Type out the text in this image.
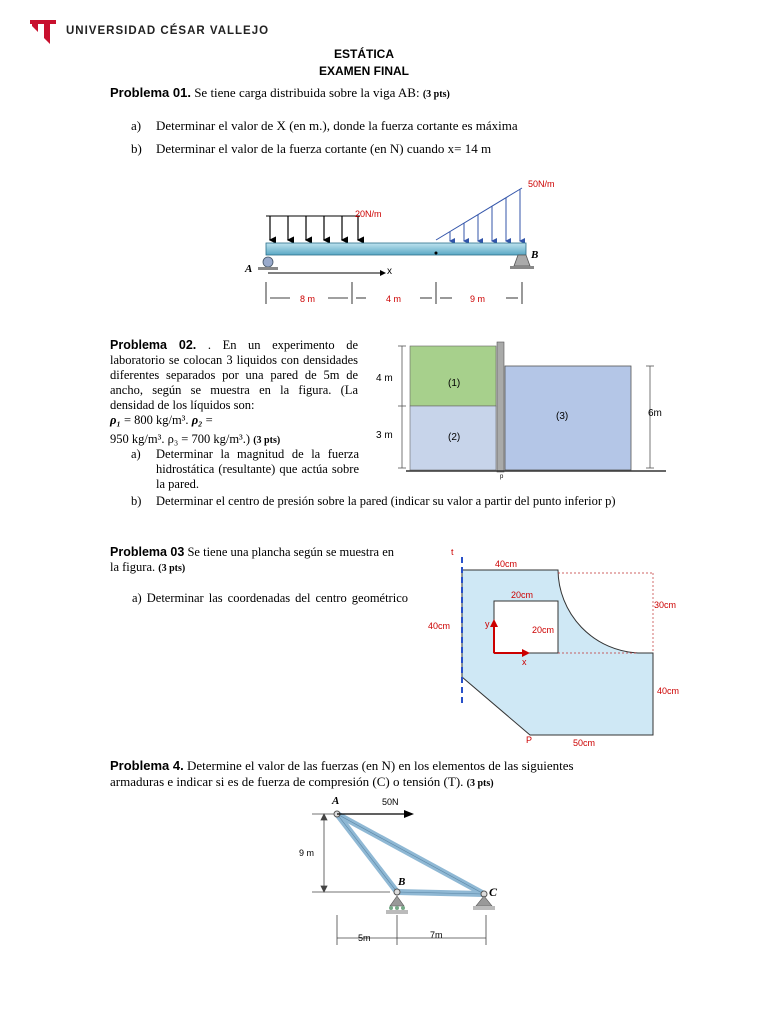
UNIVERSIDAD CÉSAR VALLEJO
ESTÁTICA
EXAMEN FINAL
Problema 01. Se tiene carga distribuida sobre la viga AB: (3 pts)
a) Determinar el valor de X (en m.), donde la fuerza cortante es máxima
b) Determinar el valor de la fuerza cortante (en N) cuando x= 14 m
20N/m
50N/m
A
B
x
8 m	4 m	9 m
Problema 02. . En un experimento de laboratorio se colocan 3 liquidos con densidades diferentes separados por una pared de 5m de ancho, según se muestra en la figura. (La densidad de los líquidos son:
ρ₁ = 800 kg/m³. ρ₂ =
950 kg/m³. ρ₃ = 700 kg/m³.) (3 pts)
a) Determinar la magnitud de la fuerza hidrostática (resultante) que actúa sobre la pared.
b) Determinar el centro de presión sobre la pared (indicar su valor a partir del punto inferior p)
4 m
3 m
6m
(1)
(2)
(3)
p
Problema 03 Se tiene una plancha según se muestra en la figura. (3 pts)
a) Determinar las coordenadas del centro geométrico
t
40cm
20cm
20cm
30cm
40cm
40cm
50cm
P
x
y
Problema 4. Determine el valor de las fuerzas (en N) en los elementos de las siguientes armaduras e indicar si es de fuerza de compresión (C) o tensión (T). (3 pts)
A
B
C
50N
9 m
5m	7m
